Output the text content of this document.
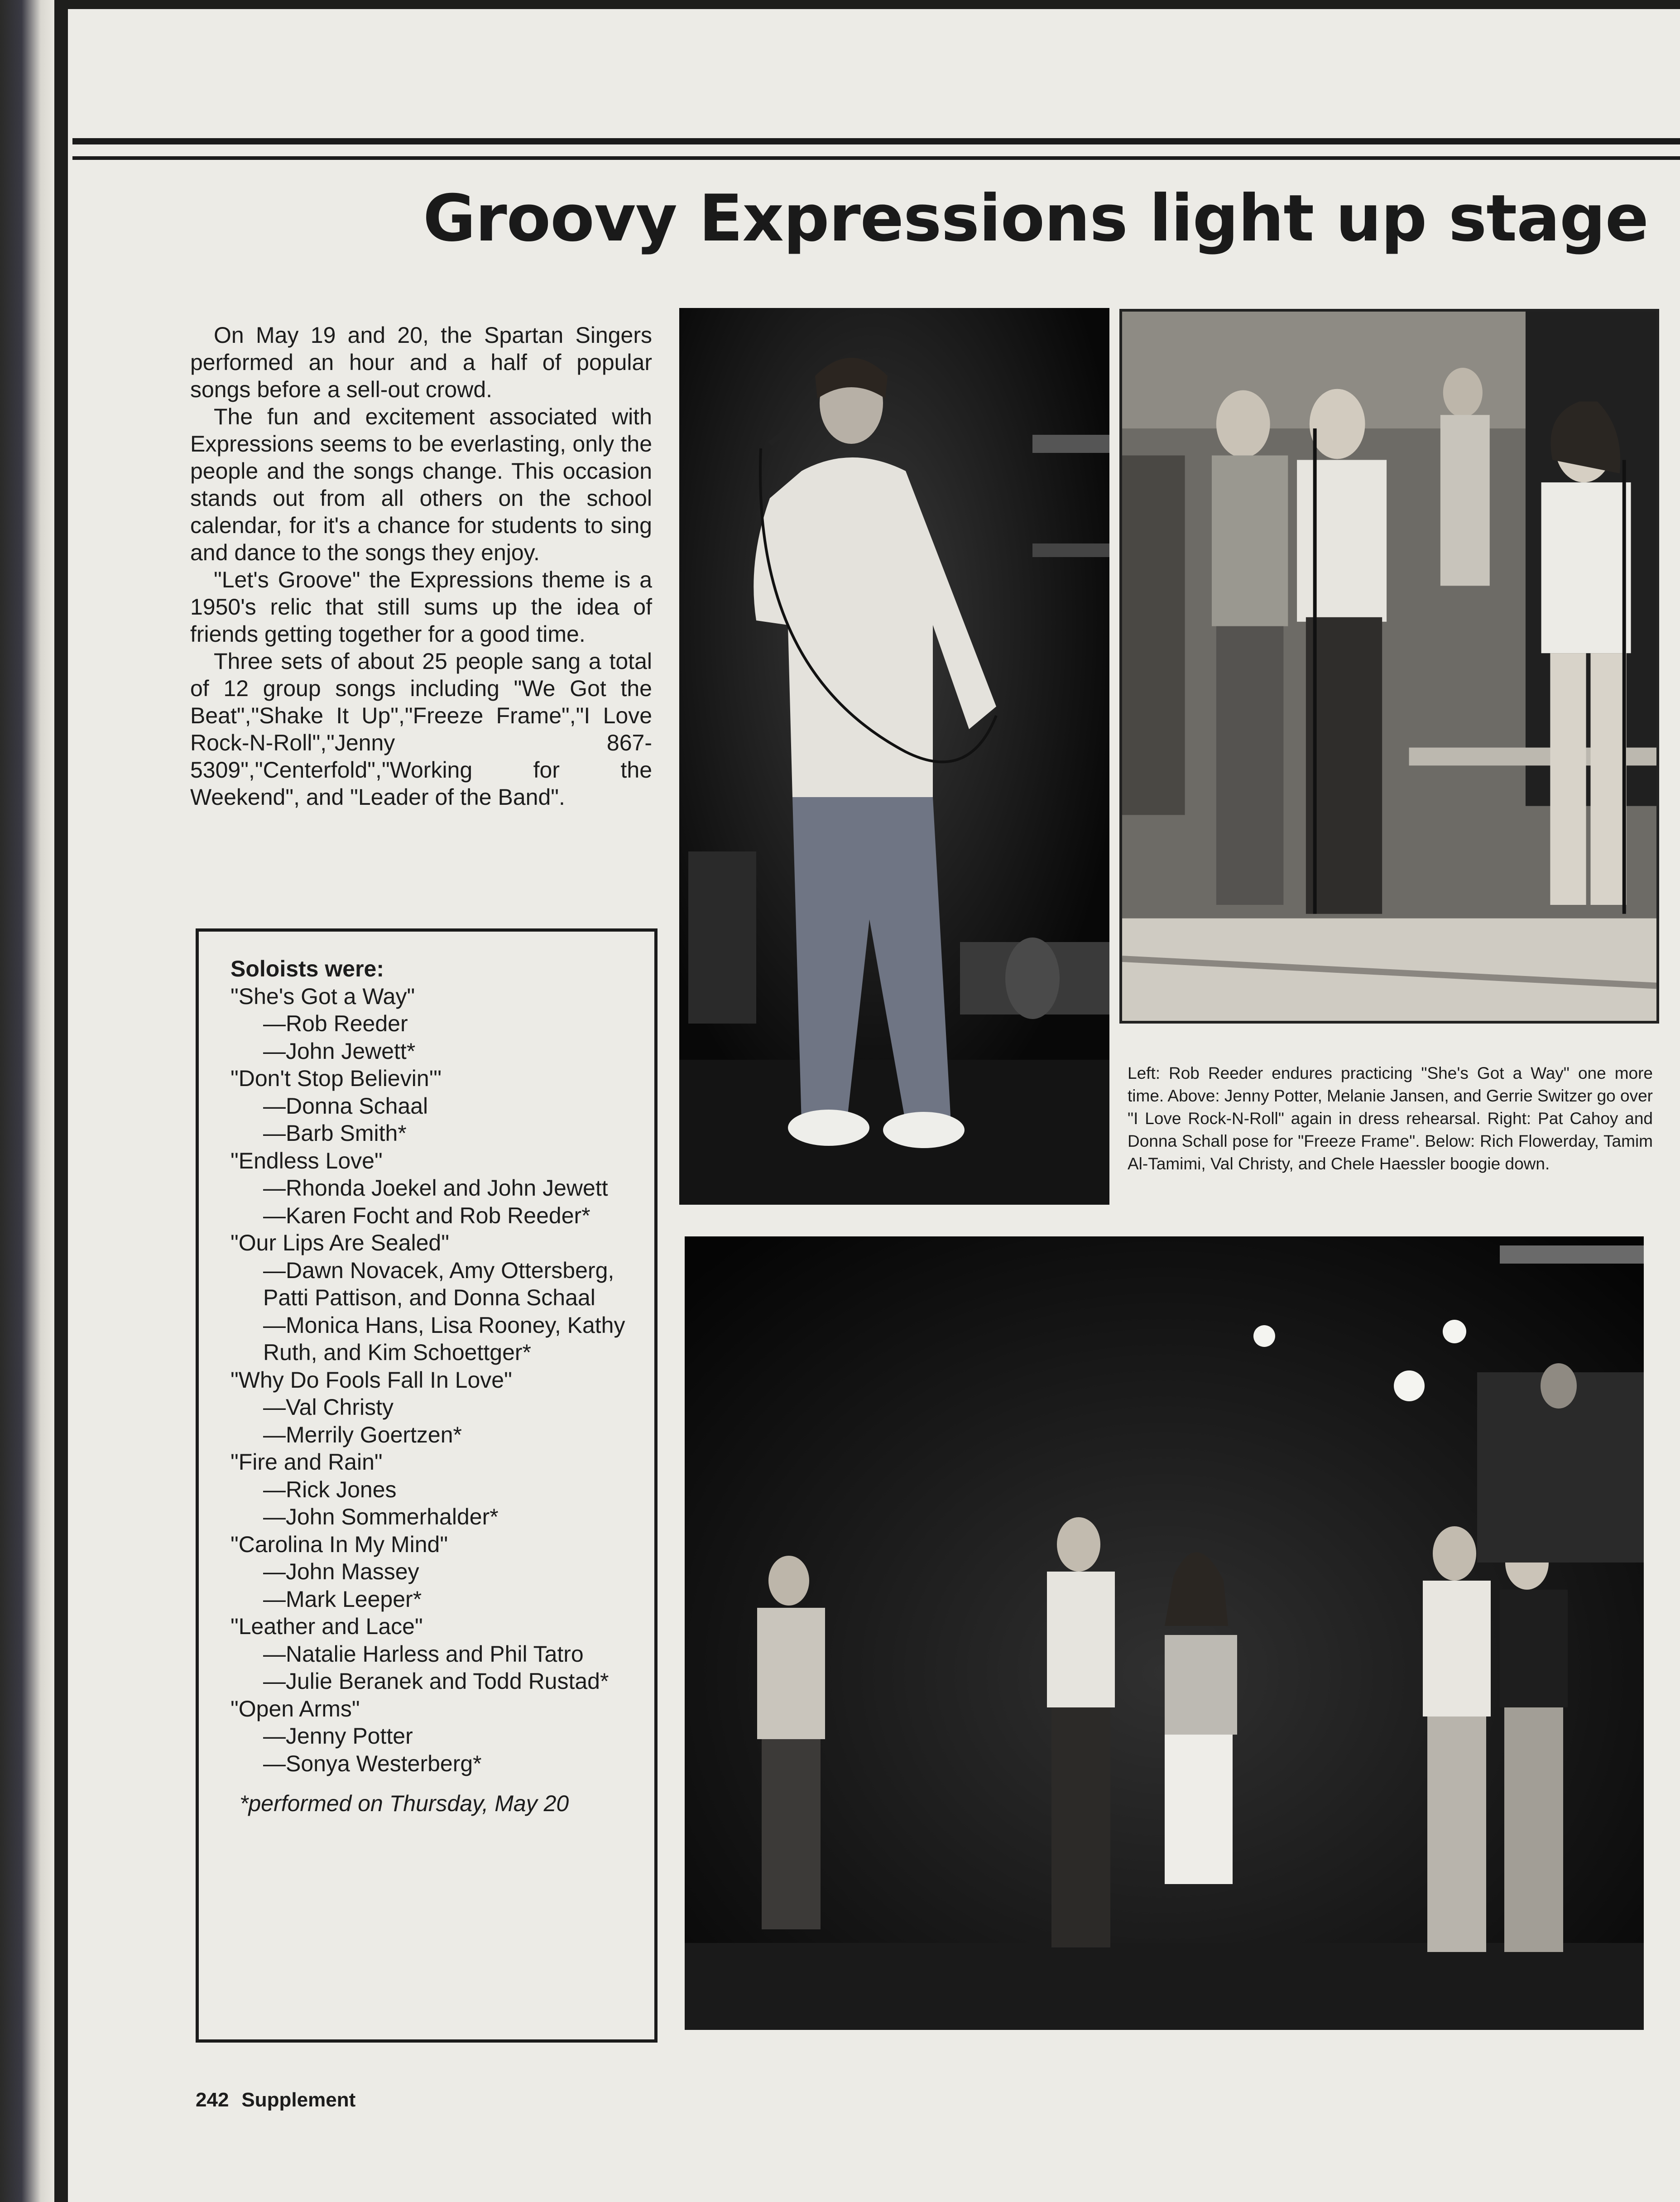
Groovy Expressions light up stage

On May 19 and 20, the Spartan Singers performed an hour and a half of popular songs before a sell-out crowd.

The fun and excitement associated with Expressions seems to be everlasting, only the people and the songs change. This occasion stands out from all others on the school calendar, for it's a chance for students to sing and dance to the songs they enjoy.

"Let's Groove" the Expressions theme is a 1950's relic that still sums up the idea of friends getting together for a good time.

Three sets of about 25 people sang a total of 12 group songs including "We Got the Beat","Shake It Up","Freeze Frame","I Love Rock-N-Roll","Jenny 867-5309","Centerfold","Working for the Weekend", and "Leader of the Band".

Soloists were:
"She's Got a Way"
—Rob Reeder
—John Jewett*
"Don't Stop Believin'"
—Donna Schaal
—Barb Smith*
"Endless Love"
—Rhonda Joekel and John Jewett
—Karen Focht and Rob Reeder*
"Our Lips Are Sealed"
—Dawn Novacek, Amy Ottersberg, Patti Pattison, and Donna Schaal
—Monica Hans, Lisa Rooney, Kathy Ruth, and Kim Schoettger*
"Why Do Fools Fall In Love"
—Val Christy
—Merrily Goertzen*
"Fire and Rain"
—Rick Jones
—John Sommerhalder*
"Carolina In My Mind"
—John Massey
—Mark Leeper*
"Leather and Lace"
—Natalie Harless and Phil Tatro
—Julie Beranek and Todd Rustad*
"Open Arms"
—Jenny Potter
—Sonya Westerberg*
*performed on Thursday, May 20
Left: Rob Reeder endures practicing "She's Got a Way" one more time. Above: Jenny Potter, Melanie Jansen, and Gerrie Switzer go over "I Love Rock-N-Roll" again in dress rehearsal. Right: Pat Cahoy and Donna Schall pose for "Freeze Frame". Below: Rich Flowerday, Tamim Al-Tamimi, Val Christy, and Chele Haessler boogie down.
242 Supplement
